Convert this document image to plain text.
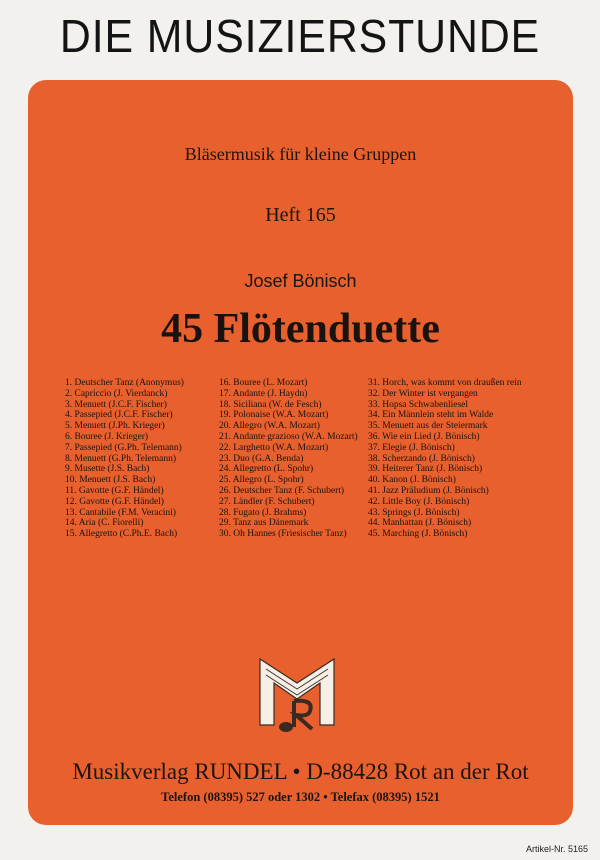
DIE MUSIZIERSTUNDE
Bläsermusik für kleine Gruppen
Heft 165
Josef Bönisch
45 Flötenduette
1. Deutscher Tanz (Anonymus)
2. Capriccio (J. Vierdanck)
3. Menuett (J.C.F. Fischer)
4. Passepied (J.C.F. Fischer)
5. Menuett (J.Ph. Krieger)
6. Bouree (J. Krieger)
7. Passepied (G.Ph. Telemann)
8. Menuett (G.Ph. Telemann)
9. Musette (J.S. Bach)
10. Menuett (J.S. Bach)
11. Gavotte (G.F. Händel)
12. Gavotte (G.F. Händel)
13. Cantabile (F.M. Veracini)
14. Aria (C. Fiorelli)
15. Allegretto (C.Ph.E. Bach)
16. Bouree (L. Mozart)
17. Andante (J. Haydn)
18. Siciliana (W. de Fesch)
19. Polonaise (W.A. Mozart)
20. Allegro (W.A. Mozart)
21. Andante grazioso (W.A. Mozart)
22. Larghetto (W.A. Mozart)
23. Duo (G.A. Benda)
24. Allegretto (L. Spohr)
25. Allegro (L. Spohr)
26. Deutscher Tanz (F. Schubert)
27. Ländler (F. Schubert)
28. Fugato (J. Brahms)
29. Tanz aus Dänemark
30. Oh Hannes (Friesischer Tanz)
31. Horch, was kommt von draußen rein
32. Der Winter ist vergangen
33. Hopsa Schwabenliesel
34. Ein Männlein steht im Walde
35. Menuett aus der Steiermark
36. Wie ein Lied (J. Bönisch)
37. Elegie (J. Bönisch)
38. Scherzando (J. Bönisch)
39. Heiterer Tanz (J. Bönisch)
40. Kanon (J. Bönisch)
41. Jazz Präludium (J. Bönisch)
42. Little Boy (J. Bönisch)
43. Springs (J. Bönisch)
44. Manhattan (J. Bönisch)
45. Marching (J. Bönisch)
Musikverlag RUNDEL • D-88428 Rot an der Rot
Telefon (08395) 527 oder 1302 • Telefax (08395) 1521
Artikel-Nr. 5165
